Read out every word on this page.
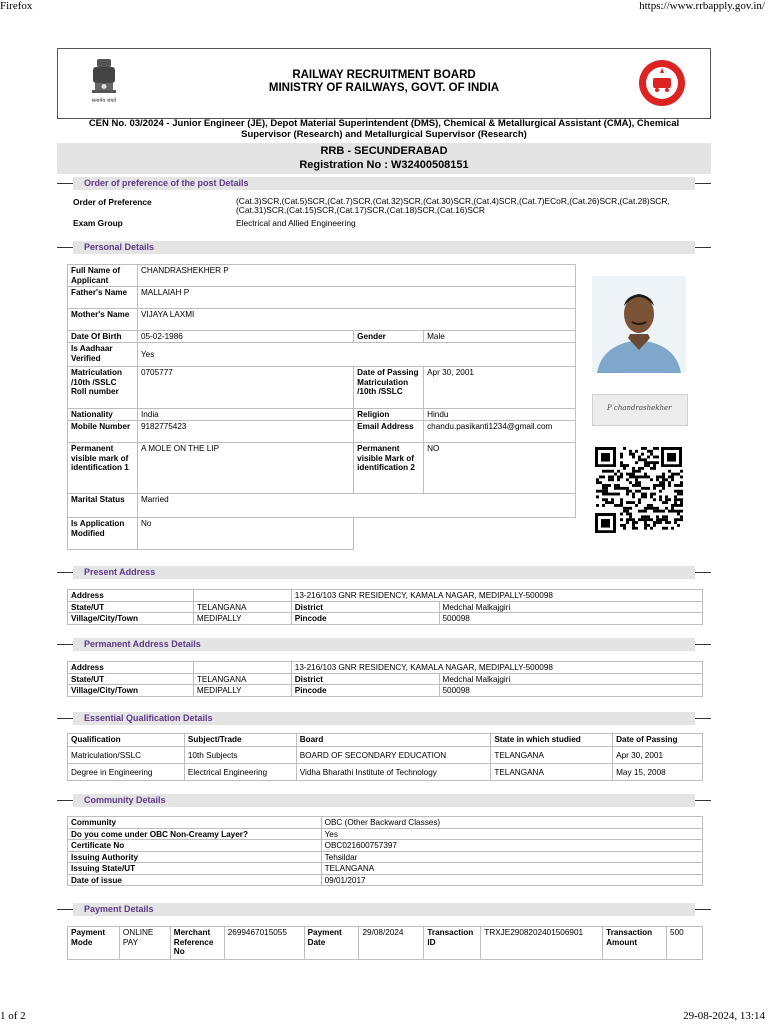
Firefox	https://www.rrbapply.gov.in/
सत्यमेव जयते
RAILWAY RECRUITMENT BOARD
MINISTRY OF RAILWAYS, GOVT. OF INDIA
CEN No. 03/2024 - Junior Engineer (JE), Depot Material Superintendent (DMS), Chemical & Metallurgical Assistant (CMA), Chemical
Supervisor (Research) and Metallurgical Supervisor (Research)
RRB - SECUNDERABAD
Registration No : W32400508151
Order of preference of the post Details
Order of Preference	(Cat.3)SCR,(Cat.5)SCR,(Cat.7)SCR,(Cat.32)SCR,(Cat.30)SCR,(Cat.4)SCR,(Cat.7)ECoR,(Cat.26)SCR,(Cat.28)SCR,(Cat.31)SCR,(Cat.15)SCR,(Cat.17)SCR,(Cat.18)SCR,(Cat.16)SCR
Exam Group	Electrical and Allied Engineering
Personal Details
Full Name of Applicant	CHANDRASHEKHER P		
Father's Name	MALLAIAH P		
Mother's Name	VIJAYA LAXMI		
Date Of Birth	05-02-1986	Gender	Male
Is Aadhaar Verified	Yes		
Matriculation /10th /SSLC Roll number	0705777	Date of Passing Matriculation /10th /SSLC	Apr 30, 2001
Nationality	India	Religion	Hindu
Mobile Number	9182775423	Email Address	chandu.pasikanti1234@gmail.com
Permanent visible mark of identification 1	A MOLE ON THE LIP	Permanent visible Mark of identification 2	NO
Marital Status	Married		
Is Application Modified	No		
P chandrashekher
Present Address
Address		13-216/103 GNR RESIDENCY, KAMALA NAGAR, MEDIPALLY-500098	
State/UT	TELANGANA	District	Medchal Malkajgiri
Village/City/Town	MEDIPALLY	Pincode	500098
Permanent Address Details
Address		13-216/103 GNR RESIDENCY, KAMALA NAGAR, MEDIPALLY-500098	
State/UT	TELANGANA	District	Medchal Malkajgiri
Village/City/Town	MEDIPALLY	Pincode	500098
Essential Qualification Details
Qualification	Subject/Trade	Board	State in which studied	Date of Passing
Matriculation/SSLC	10th Subjects	BOARD OF SECONDARY EDUCATION	TELANGANA	Apr 30, 2001
Degree in Engineering	Electrical Engineering	Vidha Bharathi Institute of Technology	TELANGANA	May 15, 2008
Community Details
Community	OBC (Other Backward Classes)
Do you come under OBC Non-Creamy Layer?	Yes
Certificate No	OBC021600757397
Issuing Authority	Tehsildar
Issuing State/UT	TELANGANA
Date of issue	09/01/2017
Payment Details
Payment Mode	ONLINE PAY	Merchant Reference No	2699467015055	Payment Date	29/08/2024	Transaction ID	TRXJE2908202401506901	Transaction Amount	500
1 of 2	29-08-2024, 13:14
